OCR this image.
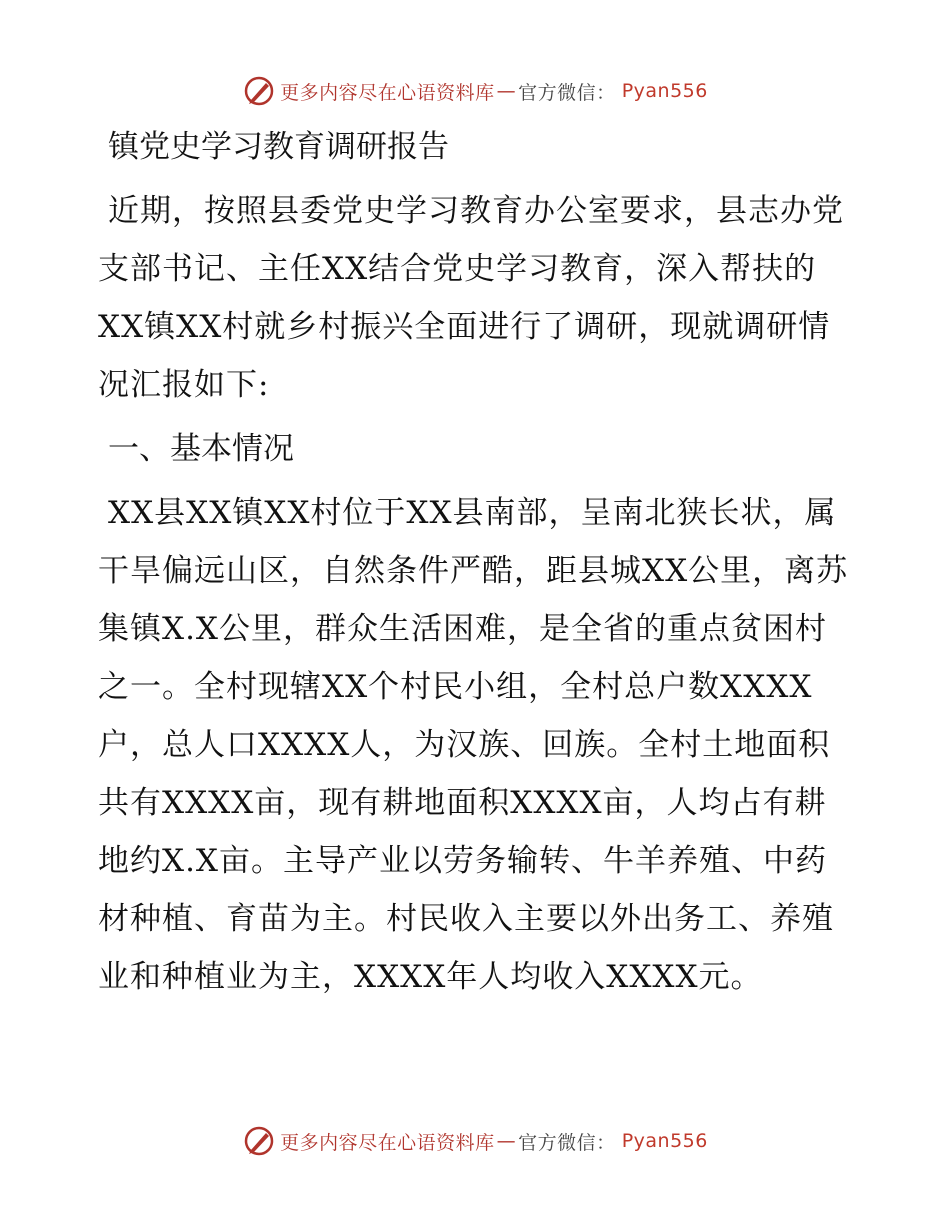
更多内容尽在心语资料库 — 官方微信： Pyan556
镇党史学习教育调研报告

近期，按照县委党史学习教育办公室要求，县志办党支部书记、主任XX结合党史学习教育，深入帮扶的XX镇XX村就乡村振兴全面进行了调研，现就调研情况汇报如下:

一、基本情况

XX县XX镇XX村位于XX县南部，呈南北狭长状，属干旱偏远山区，自然条件严酷，距县城XX公里，离苏集镇X.X公里，群众生活困难，是全省的重点贫困村之一。全村现辖XX个村民小组，全村总户数XXXX户，总人口XXXX人，为汉族、回族。全村土地面积共有XXXX亩，现有耕地面积XXXX亩，人均占有耕地约X.X亩。主导产业以劳务输转、牛羊养殖、中药材种植、育苗为主。村民收入主要以外出务工、养殖业和种植业为主，XXXX年人均收入XXXX元。

更多内容尽在心语资料库 — 官方微信： Pyan556
